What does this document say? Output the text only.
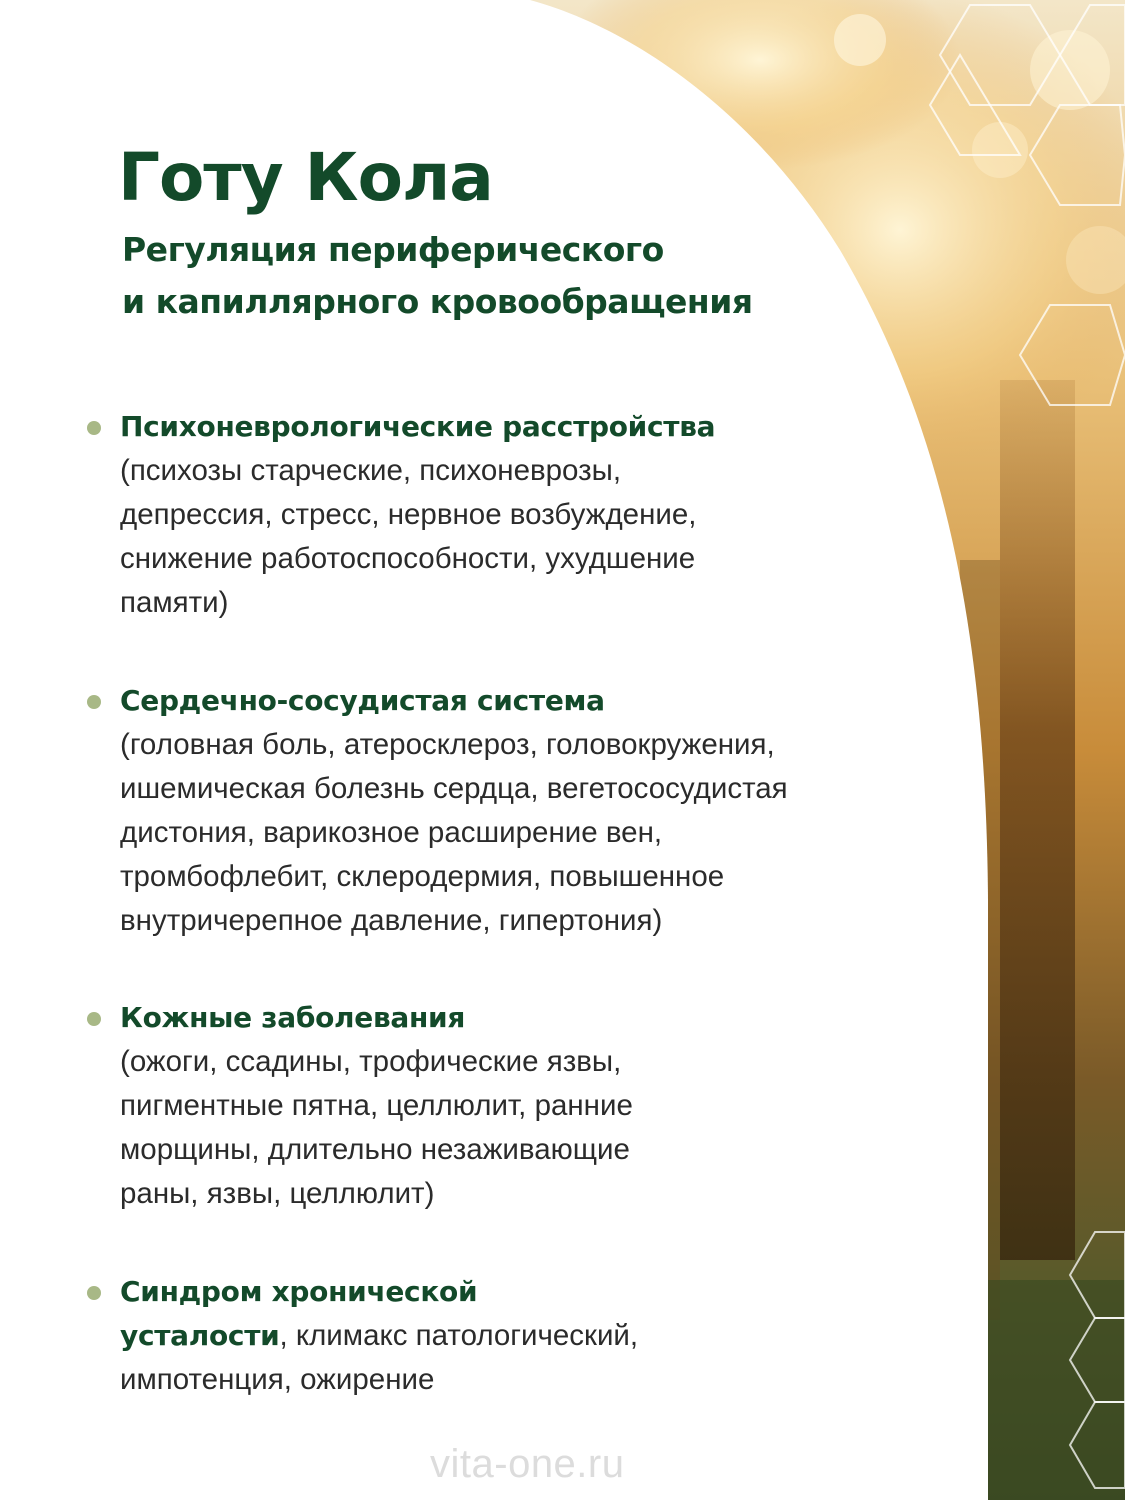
Готу Кола
Регуляция периферического
и капиллярного кровообращения
Психоневрологические расстройства
(психозы старческие, психоневрозы,
депрессия, стресс, нервное возбуждение,
снижение работоспособности, ухудшение
памяти)
Сердечно-сосудистая система
(головная боль, атеросклероз, головокружения,
ишемическая болезнь сердца, вегетососудистая
дистония, варикозное расширение вен,
тромбофлебит, склеродермия, повышенное
внутричерепное давление, гипертония)
Кожные заболевания
(ожоги, ссадины, трофические язвы,
пигментные пятна, целлюлит, ранние
морщины, длительно незаживающие
раны, язвы, целлюлит)
Синдром хронической
усталости, климакс патологический,
импотенция, ожирение
vita-one.ru
